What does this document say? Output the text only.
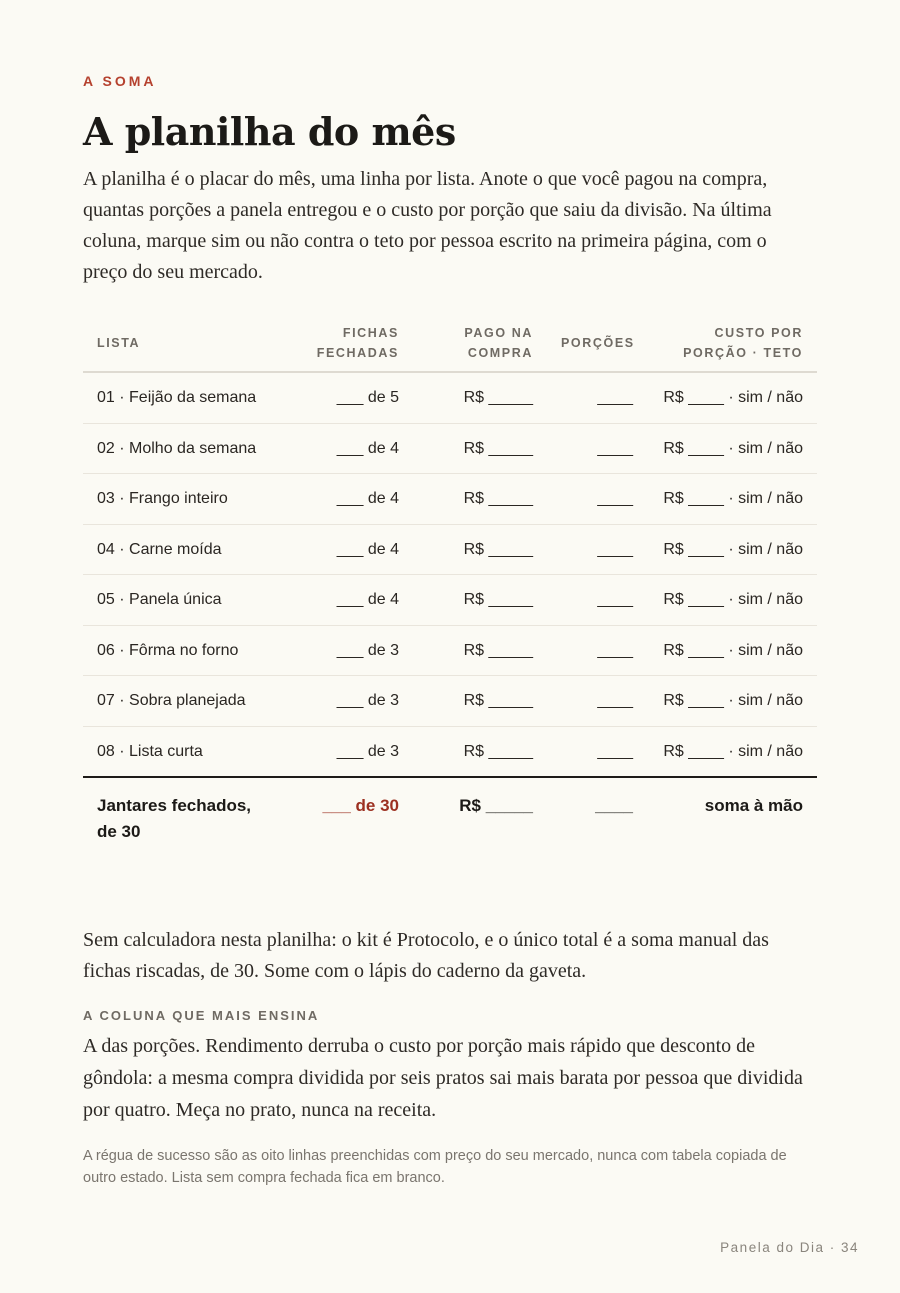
A SOMA
A planilha do mês

A planilha é o placar do mês, uma linha por lista. Anote o que você pagou na compra, quantas porções a panela entregou e o custo por porção que saiu da divisão. Na última coluna, marque sim ou não contra o teto por pessoa escrito na primeira página, com o preço do seu mercado.

LISTA	FICHAS FECHADAS	PAGO NA COMPRA	PORÇÕES	CUSTO POR PORÇÃO · TETO
01 · Feijão da semana	___ de 5	R$ _____	____	R$ ____ · sim / não
02 · Molho da semana	___ de 4	R$ _____	____	R$ ____ · sim / não
03 · Frango inteiro	___ de 4	R$ _____	____	R$ ____ · sim / não
04 · Carne moída	___ de 4	R$ _____	____	R$ ____ · sim / não
05 · Panela única	___ de 4	R$ _____	____	R$ ____ · sim / não
06 · Fôrma no forno	___ de 3	R$ _____	____	R$ ____ · sim / não
07 · Sobra planejada	___ de 3	R$ _____	____	R$ ____ · sim / não
08 · Lista curta	___ de 3	R$ _____	____	R$ ____ · sim / não
Jantares fechados, de 30	___ de 30	R$ _____	____	soma à mão

Sem calculadora nesta planilha: o kit é Protocolo, e o único total é a soma manual das fichas riscadas, de 30. Some com o lápis do caderno da gaveta.

A COLUNA QUE MAIS ENSINA

A das porções. Rendimento derruba o custo por porção mais rápido que desconto de gôndola: a mesma compra dividida por seis pratos sai mais barata por pessoa que dividida por quatro. Meça no prato, nunca na receita.

A régua de sucesso são as oito linhas preenchidas com preço do seu mercado, nunca com tabela copiada de outro estado. Lista sem compra fechada fica em branco.

Panela do Dia · 34
